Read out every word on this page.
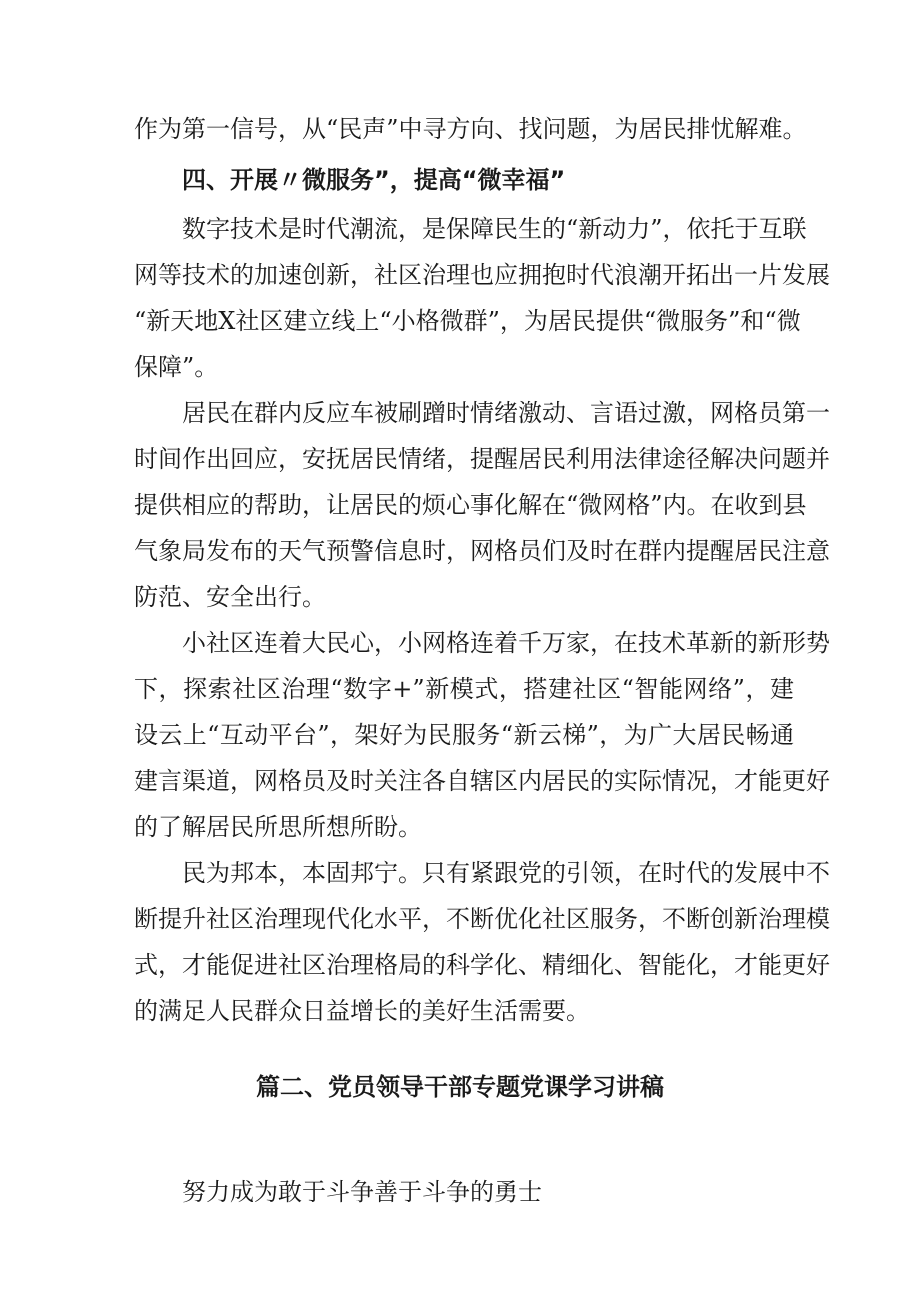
作为第一信号，从“民声”中寻方向、找问题，为居民排忧解难。
四、开展〃微服务”，提高“微幸福”
数字技术是时代潮流，是保障民生的“新动力”，依托于互联
网等技术的加速创新，社区治理也应拥抱时代浪潮开拓出一片发展
“新天地X社区建立线上“小格微群”，为居民提供“微服务”和“微
保障”。
居民在群内反应车被刷蹭时情绪激动、言语过激，网格员第一
时间作出回应，安抚居民情绪，提醒居民利用法律途径解决问题并
提供相应的帮助，让居民的烦心事化解在“微网格”内。在收到县
气象局发布的天气预警信息时，网格员们及时在群内提醒居民注意
防范、安全出行。
小社区连着大民心，小网格连着千万家，在技术革新的新形势
下，探索社区治理“数字+”新模式，搭建社区“智能网络”，建
设云上“互动平台”，架好为民服务“新云梯”，为广大居民畅通
建言渠道，网格员及时关注各自辖区内居民的实际情况，才能更好
的了解居民所思所想所盼。
民为邦本，本固邦宁。只有紧跟党的引领，在时代的发展中不
断提升社区治理现代化水平，不断优化社区服务，不断创新治理模
式，才能促进社区治理格局的科学化、精细化、智能化，才能更好
的满足人民群众日益增长的美好生活需要。
篇二、党员领导干部专题党课学习讲稿
努力成为敢于斗争善于斗争的勇士
